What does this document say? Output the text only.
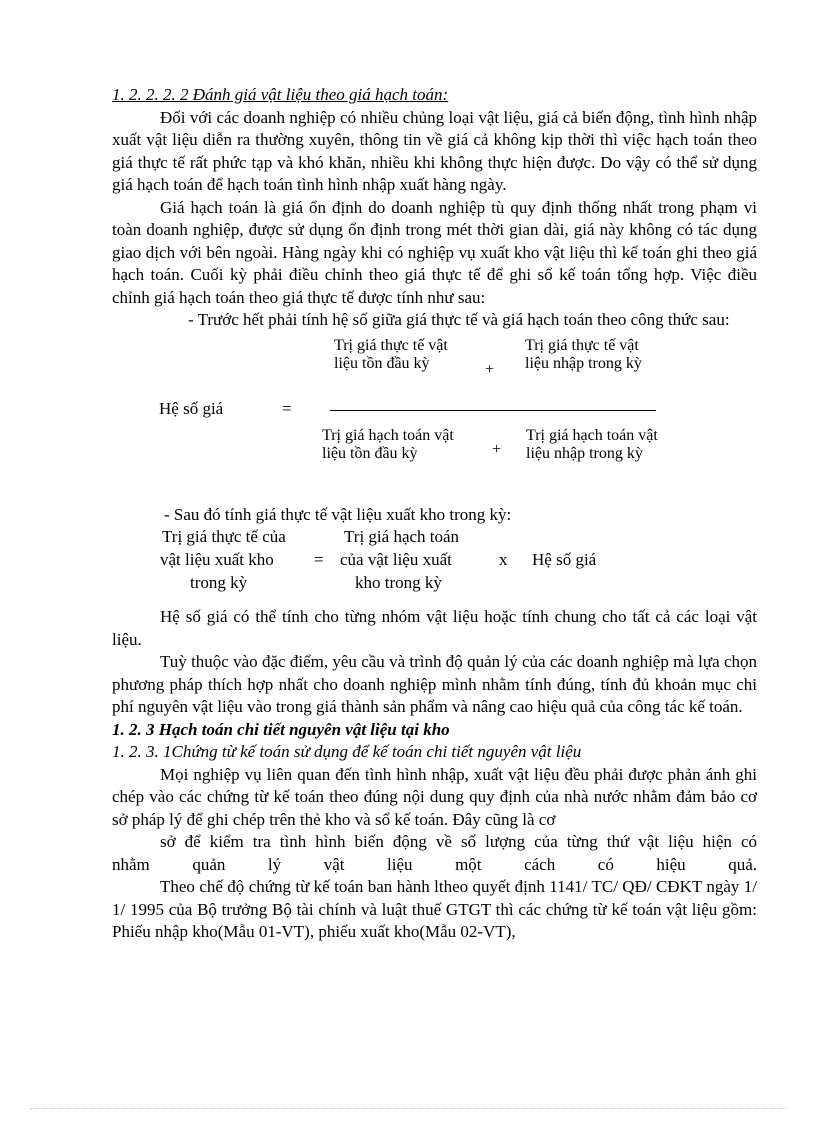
1. 2. 2. 2. 2 Đánh giá vật liệu theo giá hạch toán:

Đối với các doanh nghiệp có nhiều chủng loại vật liệu, giá cả biến động, tình hình nhập xuất vật liệu diễn ra thường xuyên, thông tin về giá cả không kịp thời thì việc hạch toán theo giá thực tế rất phức tạp và khó khăn, nhiều khi không thực hiện được. Do vậy có thể sử dụng giá hạch toán để hạch toán tình hình nhập xuất hàng ngày.

Giá hạch toán là giá ổn định do doanh nghiệp tù quy định thống nhất trong phạm vi toàn doanh nghiệp, được sử dụng ổn định trong mét thời gian dài, giá này không có tác dụng giao dịch với bên ngoài. Hàng ngày khi có nghiệp vụ xuất kho vật liệu thì kế toán ghi theo giá hạch toán. Cuối kỳ phải điều chỉnh theo giá thực tế để ghi sổ kế toán tổng hợp. Việc điều chỉnh giá hạch toán theo giá thực tế được tính như sau:

- Trước hết phải tính hệ số giữa giá thực tế và giá hạch toán theo công thức sau:

Trị giá thực tế vật
liệu tồn đầu kỳ	+
Trị giá thực tế vật
liệu nhập trong kỳ
Hệ số giá	=
Trị giá hạch toán vật
liệu tồn đầu kỳ	+
Trị giá hạch toán vật
liệu nhập trong kỳ

- Sau đó tính giá thực tế vật liệu xuất kho trong kỳ:

Trị giá thực tế của
vật liệu xuất kho
trong kỳ
=
Trị giá hạch toán
của vật liệu xuất
kho trong kỳ
x Hệ số giá

Hệ số giá có thể tính cho từng nhóm vật liệu hoặc tính chung cho tất cả các loại vật liệu.

Tuỳ thuộc vào đặc điểm, yêu cầu và trình độ quản lý của các doanh nghiệp mà lựa chọn phương pháp thích hợp nhất cho doanh nghiệp mình nhằm tính đúng, tính đủ khoản mục chi phí nguyên vật liệu vào trong giá thành sản phẩm và nâng cao hiệu quả của công tác kế toán.

1. 2. 3 Hạch toán chi tiết nguyên vật liệu tại kho

1. 2. 3. 1Chứng từ kế toán sử dụng để kế toán chi tiết nguyên vật liệu

Mọi nghiệp vụ liên quan đến tình hình nhập, xuất vật liệu đều phải được phản ánh ghi chép vào các chứng từ kế toán theo đúng nội dung quy định của nhà nước nhằm đảm bảo cơ sở pháp lý để ghi chép trên thẻ kho và sổ kế toán. Đây cũng là cơ

sở để kiểm tra tình hình biến động về số lượng của từng thứ vật liệu hiện có

nhằm quản lý vật liệu một cách có hiệu quả.

Theo chế độ chứng từ kế toán ban hành ltheo quyết định 1141/ TC/ QĐ/ CĐKT ngày 1/ 1/ 1995 của Bộ trưởng Bộ tài chính và luật thuế GTGT thì các chứng từ kế toán vật liệu gồm: Phiếu nhập kho(Mẫu 01-VT), phiếu xuất kho(Mẫu 02-VT),
